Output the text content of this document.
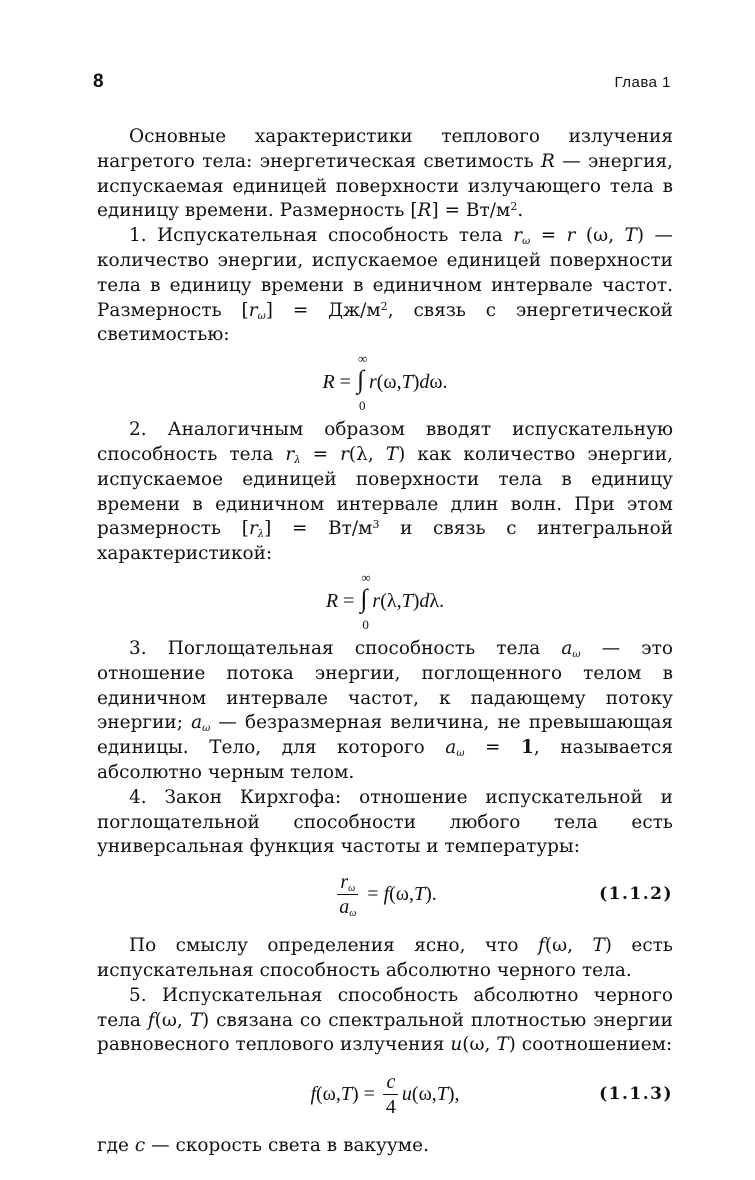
8	Глава 1

Основные характеристики теплового излучения нагретого тела: энергетическая светимость R — энергия, испускаемая единицей поверхности излучающего тела в единицу времени. Размерность $[R] = Вт/м^2$.

1. Испускательная способность тела $r_\omega = r$ (ω, T) — количество энергии, испускаемое единицей поверхности тела в единицу времени в единичном интервале частот. Размерность $[r_\omega] = Дж/м^2$, связь с энергетической светимостью:

R =
∞
∫
0
r (ω, T ) d ω .

2. Аналогичным образом вводят испускательную способность тела $r_\lambda = r(\lambda$, T) как количество энергии, испускаемое единицей поверхности тела в единицу времени в единичном интервале длин волн. При этом размерность $[r_\lambda] = Вт/м^3$ и связь с интегральной характеристикой:

R =
∞
∫
0
r (λ, T ) d λ .

3. Поглощательная способность тела $a_\omega$ — это отношение потока энергии, поглощенного телом в единичном интервале частот, к падающему потоку энергии; $a_\omega$ — безразмерная величина, не превышающая единицы. Тело, для которого $a_\omega = 1$, называется абсолютно черным телом.

4. Закон Кирхгофа: отношение испускательной и поглощательной способности любого тела есть универсальная функция частоты и температуры:

$\frac{r_\omega}{a_\omega} = f$ (ω, T ).	(1.1.2)

По смыслу определения ясно, что f(ω, T) есть испускательная способность абсолютно черного тела.

5. Испускательная способность абсолютно черного тела f(ω, T) связана со спектральной плотностью энергии равновесного теплового излучения u(ω, T) соотношением:

f (ω, T ) = $\frac{c}{4}$ u (ω, T ),	(1.1.3)

где c — скорость света в вакууме.
